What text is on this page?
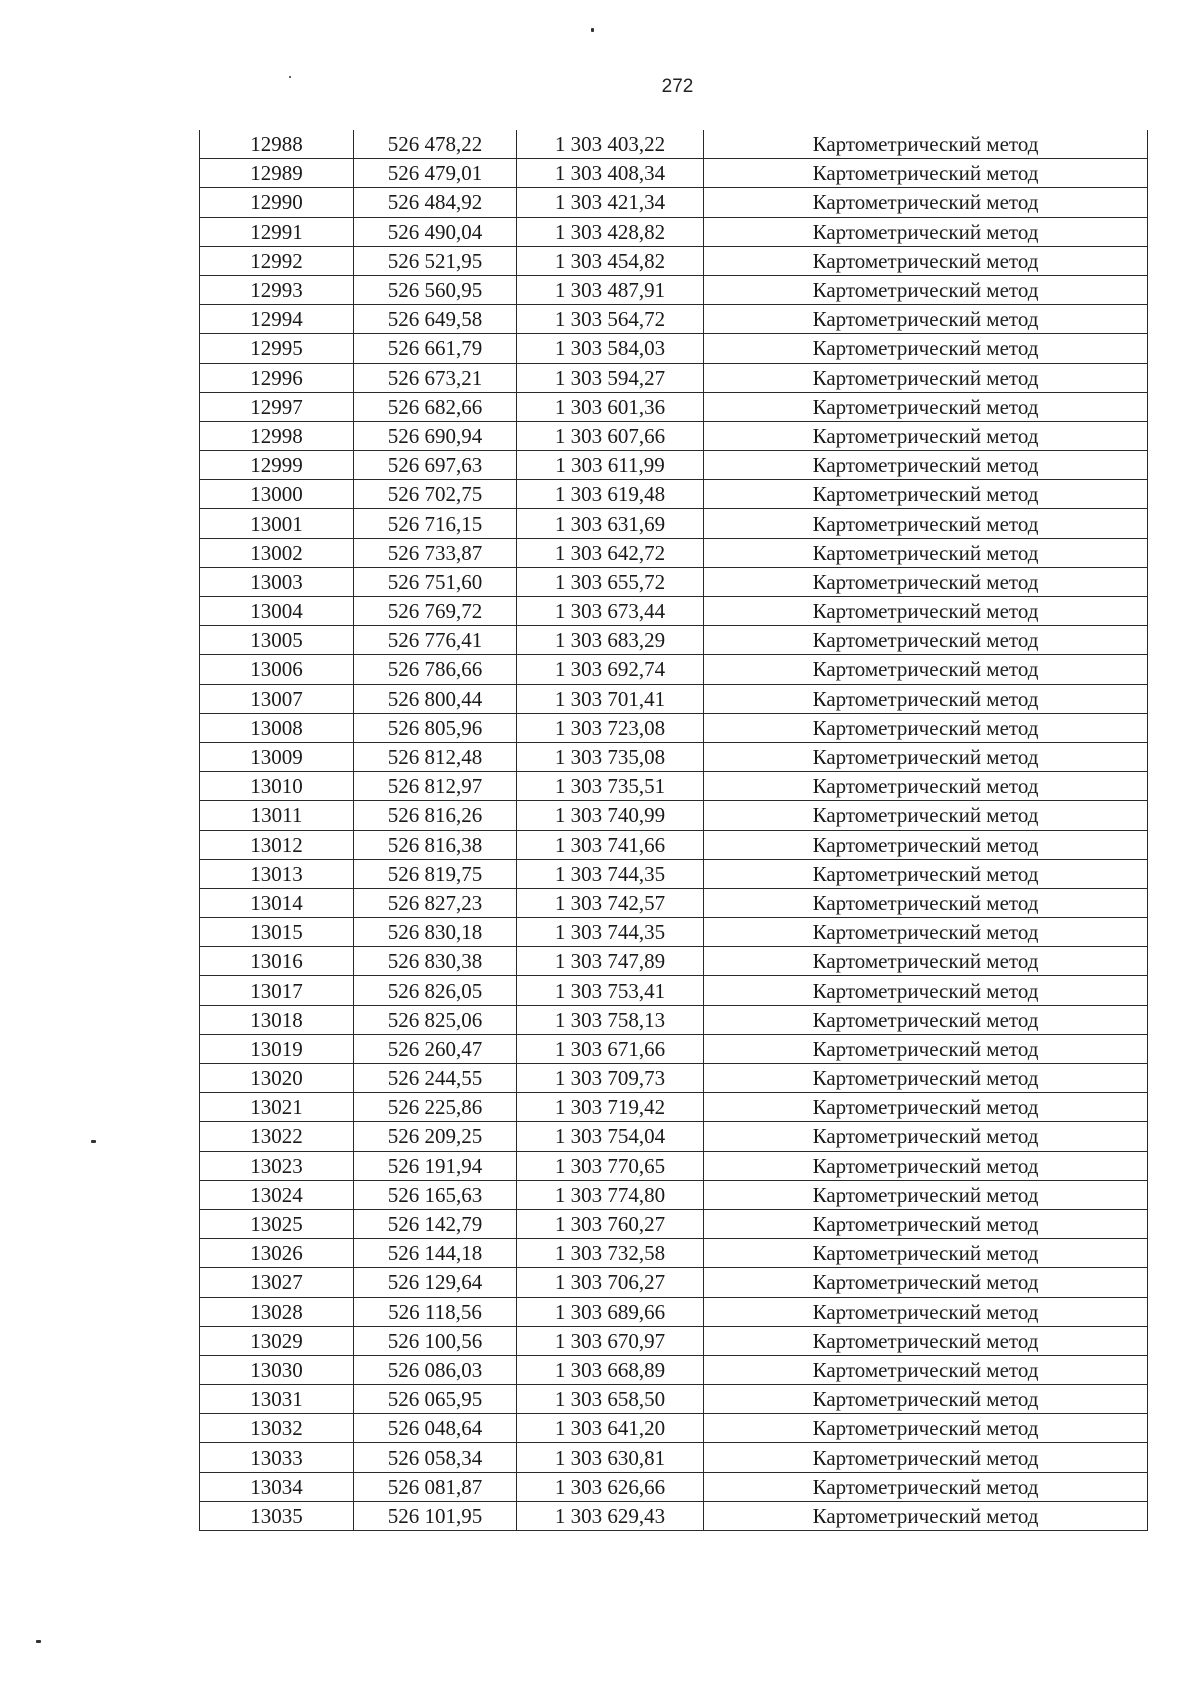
272
12988	526 478,22	1 303 403,22	Картометрический метод
12989	526 479,01	1 303 408,34	Картометрический метод
12990	526 484,92	1 303 421,34	Картометрический метод
12991	526 490,04	1 303 428,82	Картометрический метод
12992	526 521,95	1 303 454,82	Картометрический метод
12993	526 560,95	1 303 487,91	Картометрический метод
12994	526 649,58	1 303 564,72	Картометрический метод
12995	526 661,79	1 303 584,03	Картометрический метод
12996	526 673,21	1 303 594,27	Картометрический метод
12997	526 682,66	1 303 601,36	Картометрический метод
12998	526 690,94	1 303 607,66	Картометрический метод
12999	526 697,63	1 303 611,99	Картометрический метод
13000	526 702,75	1 303 619,48	Картометрический метод
13001	526 716,15	1 303 631,69	Картометрический метод
13002	526 733,87	1 303 642,72	Картометрический метод
13003	526 751,60	1 303 655,72	Картометрический метод
13004	526 769,72	1 303 673,44	Картометрический метод
13005	526 776,41	1 303 683,29	Картометрический метод
13006	526 786,66	1 303 692,74	Картометрический метод
13007	526 800,44	1 303 701,41	Картометрический метод
13008	526 805,96	1 303 723,08	Картометрический метод
13009	526 812,48	1 303 735,08	Картометрический метод
13010	526 812,97	1 303 735,51	Картометрический метод
13011	526 816,26	1 303 740,99	Картометрический метод
13012	526 816,38	1 303 741,66	Картометрический метод
13013	526 819,75	1 303 744,35	Картометрический метод
13014	526 827,23	1 303 742,57	Картометрический метод
13015	526 830,18	1 303 744,35	Картометрический метод
13016	526 830,38	1 303 747,89	Картометрический метод
13017	526 826,05	1 303 753,41	Картометрический метод
13018	526 825,06	1 303 758,13	Картометрический метод
13019	526 260,47	1 303 671,66	Картометрический метод
13020	526 244,55	1 303 709,73	Картометрический метод
13021	526 225,86	1 303 719,42	Картометрический метод
13022	526 209,25	1 303 754,04	Картометрический метод
13023	526 191,94	1 303 770,65	Картометрический метод
13024	526 165,63	1 303 774,80	Картометрический метод
13025	526 142,79	1 303 760,27	Картометрический метод
13026	526 144,18	1 303 732,58	Картометрический метод
13027	526 129,64	1 303 706,27	Картометрический метод
13028	526 118,56	1 303 689,66	Картометрический метод
13029	526 100,56	1 303 670,97	Картометрический метод
13030	526 086,03	1 303 668,89	Картометрический метод
13031	526 065,95	1 303 658,50	Картометрический метод
13032	526 048,64	1 303 641,20	Картометрический метод
13033	526 058,34	1 303 630,81	Картометрический метод
13034	526 081,87	1 303 626,66	Картометрический метод
13035	526 101,95	1 303 629,43	Картометрический метод
